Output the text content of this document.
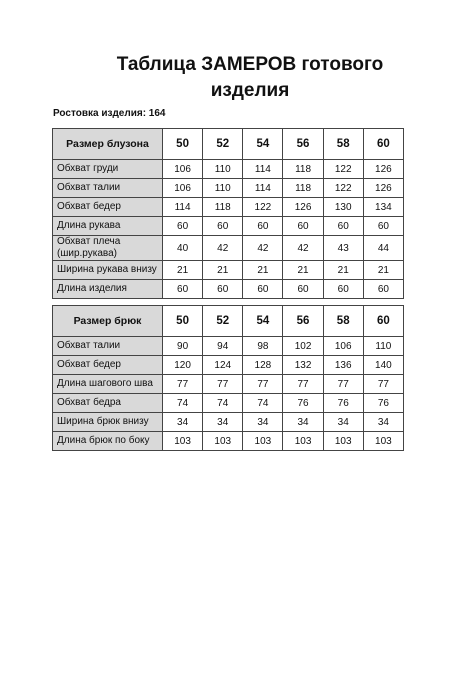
Таблица ЗАМЕРОВ готового
изделия
Ростовка изделия: 164
Размер блузона	50	52	54	56	58	60
Обхват груди	106	110	114	118	122	126
Обхват талии	106	110	114	118	122	126
Обхват бедер	114	118	122	126	130	134
Длина рукава	60	60	60	60	60	60
Обхват плеча (шир.рукава)	40	42	42	42	43	44
Ширина рукава внизу	21	21	21	21	21	21
Длина изделия	60	60	60	60	60	60
Размер брюк	50	52	54	56	58	60
Обхват талии	90	94	98	102	106	110
Обхват бедер	120	124	128	132	136	140
Длина шагового шва	77	77	77	77	77	77
Обхват бедра	74	74	74	76	76	76
Ширина брюк внизу	34	34	34	34	34	34
Длина брюк по боку	103	103	103	103	103	103
